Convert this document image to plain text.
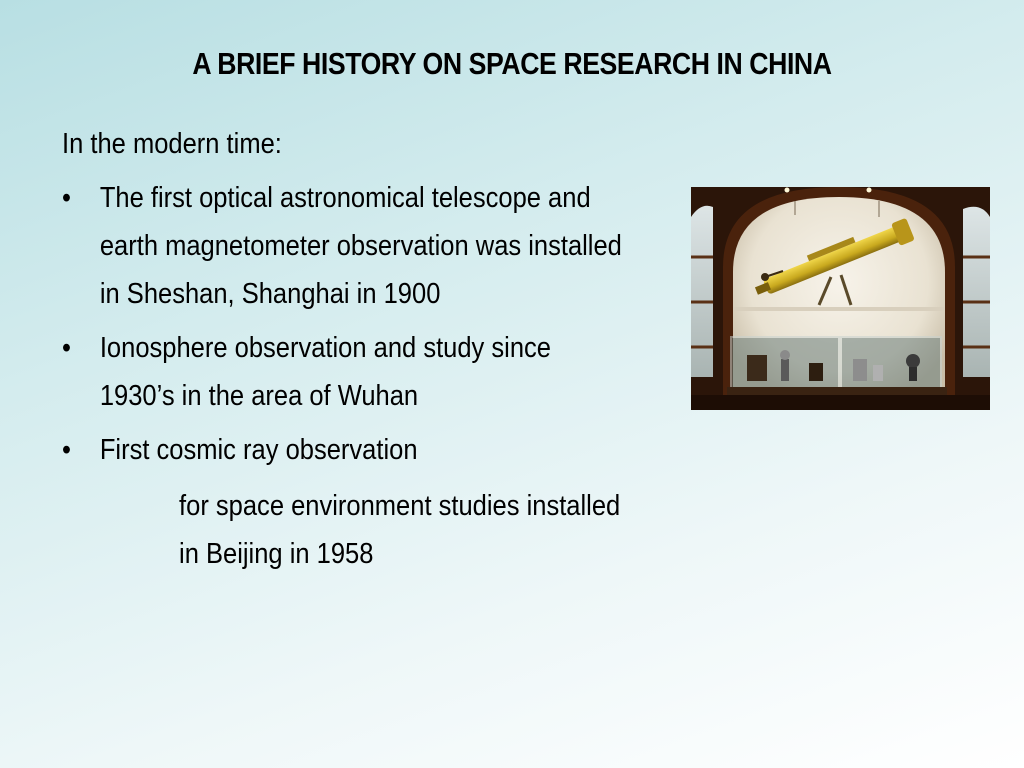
A BRIEF HISTORY ON SPACE RESEARCH IN CHINA

In the modern time:

• The first optical astronomical telescope and earth magnetometer observation was installed in Sheshan, Shanghai in 1900
• Ionosphere observation and study since 1930’s in the area of Wuhan
• First cosmic ray observation
for space environment studies installed in Beijing in 1958
